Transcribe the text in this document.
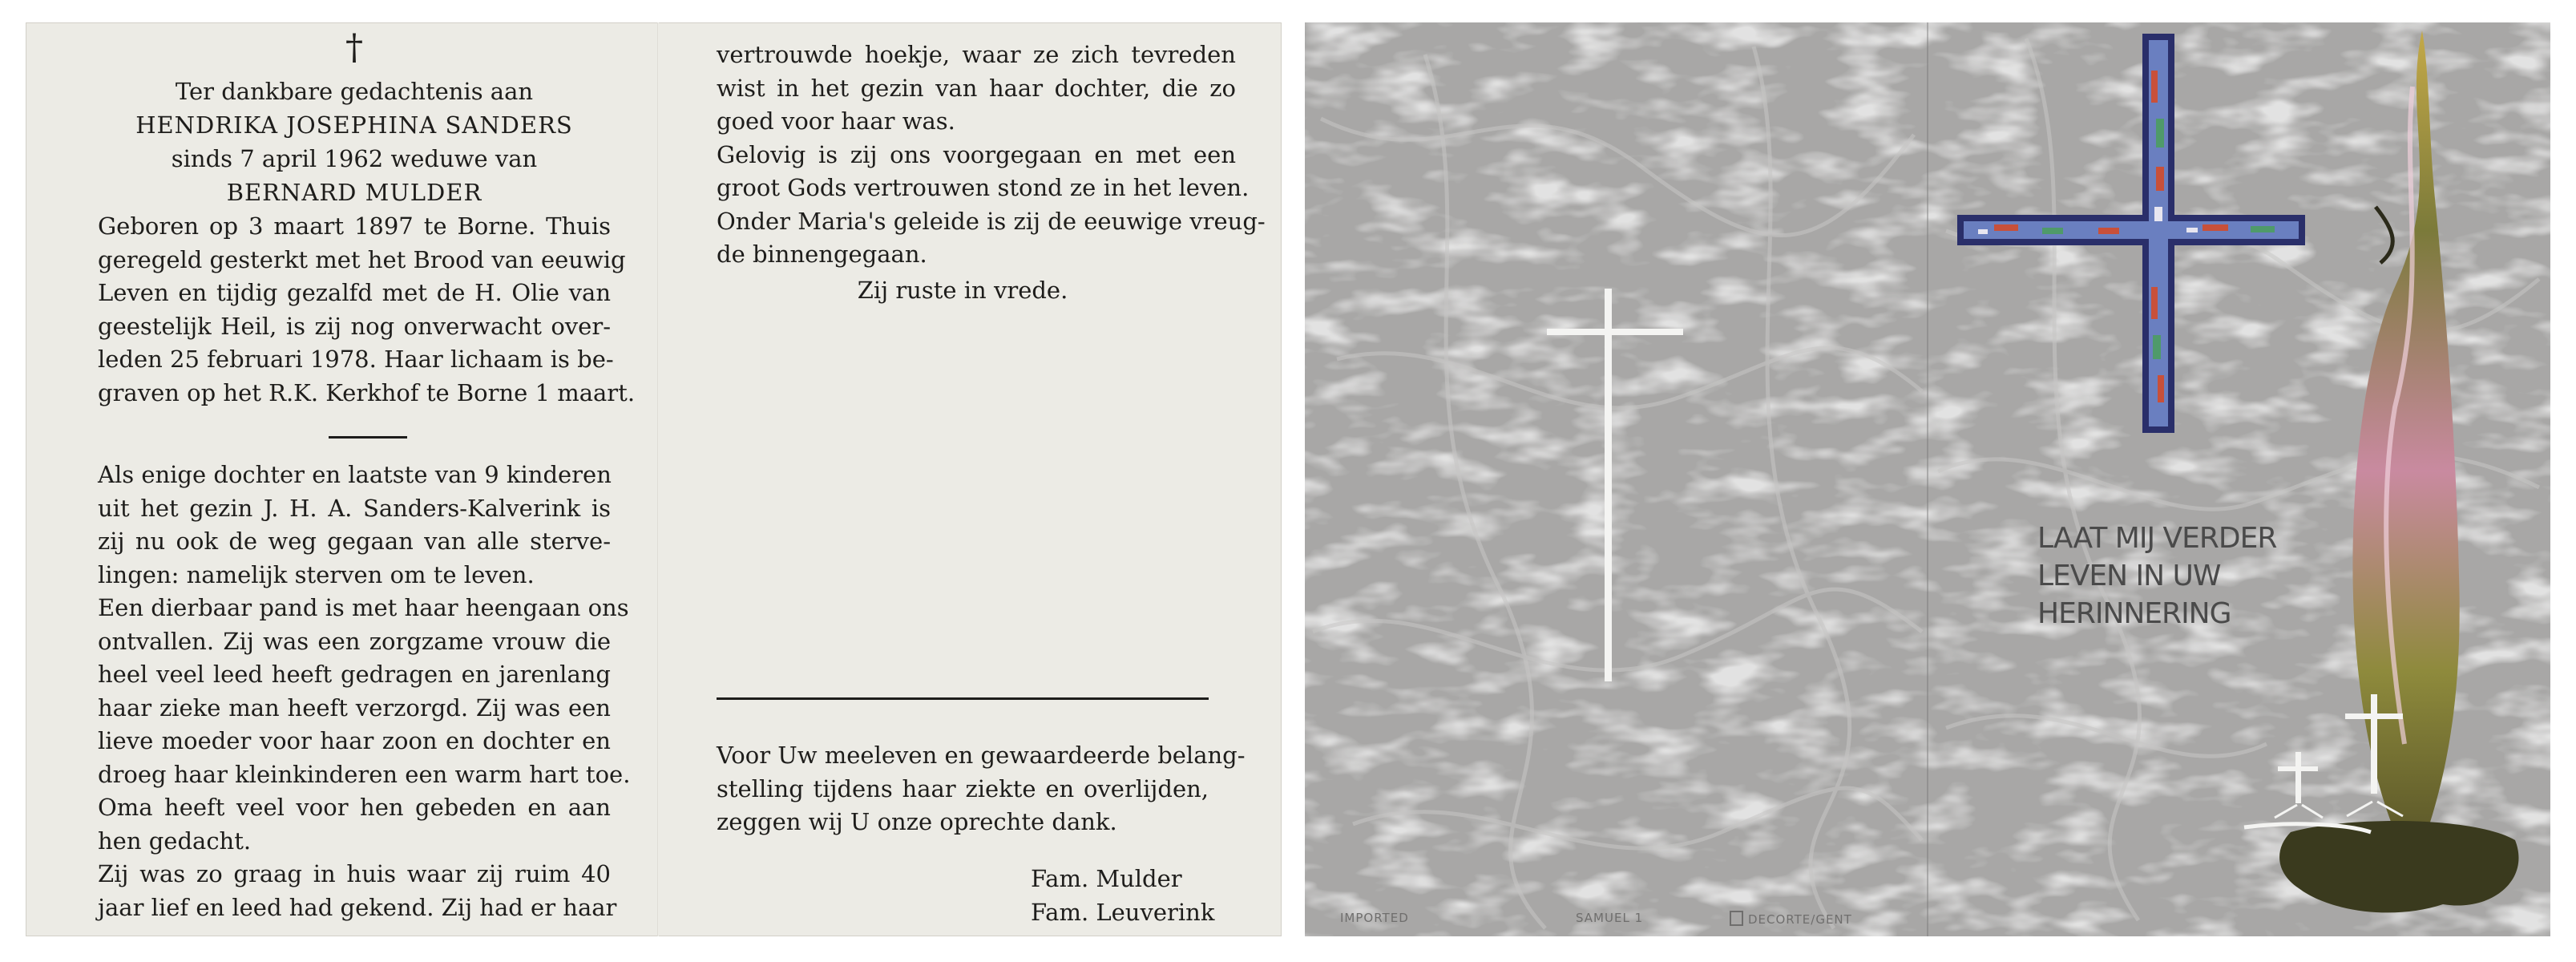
†
Ter dankbare gedachtenis aan
HENDRIKA JOSEPHINA SANDERS
sinds 7 april 1962 weduwe van
BERNARD MULDER
Geboren op 3 maart 1897 te Borne. Thuis
geregeld gesterkt met het Brood van eeuwig
Leven en tijdig gezalfd met de H. Olie van
geestelijk Heil, is zij nog onverwacht over-
leden 25 februari 1978. Haar lichaam is be-
graven op het R.K. Kerkhof te Borne 1 maart.
Als enige dochter en laatste van 9 kinderen
uit het gezin J. H. A. Sanders-Kalverink is
zij nu ook de weg gegaan van alle sterve-
lingen: namelijk sterven om te leven.
Een dierbaar pand is met haar heengaan ons
ontvallen. Zij was een zorgzame vrouw die
heel veel leed heeft gedragen en jarenlang
haar zieke man heeft verzorgd. Zij was een
lieve moeder voor haar zoon en dochter en
droeg haar kleinkinderen een warm hart toe.
Oma heeft veel voor hen gebeden en aan
hen gedacht.
Zij was zo graag in huis waar zij ruim 40
jaar lief en leed had gekend. Zij had er haar
vertrouwde hoekje, waar ze zich tevreden
wist in het gezin van haar dochter, die zo
goed voor haar was.
Gelovig is zij ons voorgegaan en met een
groot Gods vertrouwen stond ze in het leven.
Onder Maria's geleide is zij de eeuwige vreug-
de binnengegaan.
Zij ruste in vrede.
Voor Uw meeleven en gewaardeerde belang-
stelling tijdens haar ziekte en overlijden,
zeggen wij U onze oprechte dank.
Fam. Mulder
Fam. Leuverink
LAAT MIJ VERDER
LEVEN IN UW
HERINNERING
IMPORTED	SAMUEL 1	DECORTE/GENT
